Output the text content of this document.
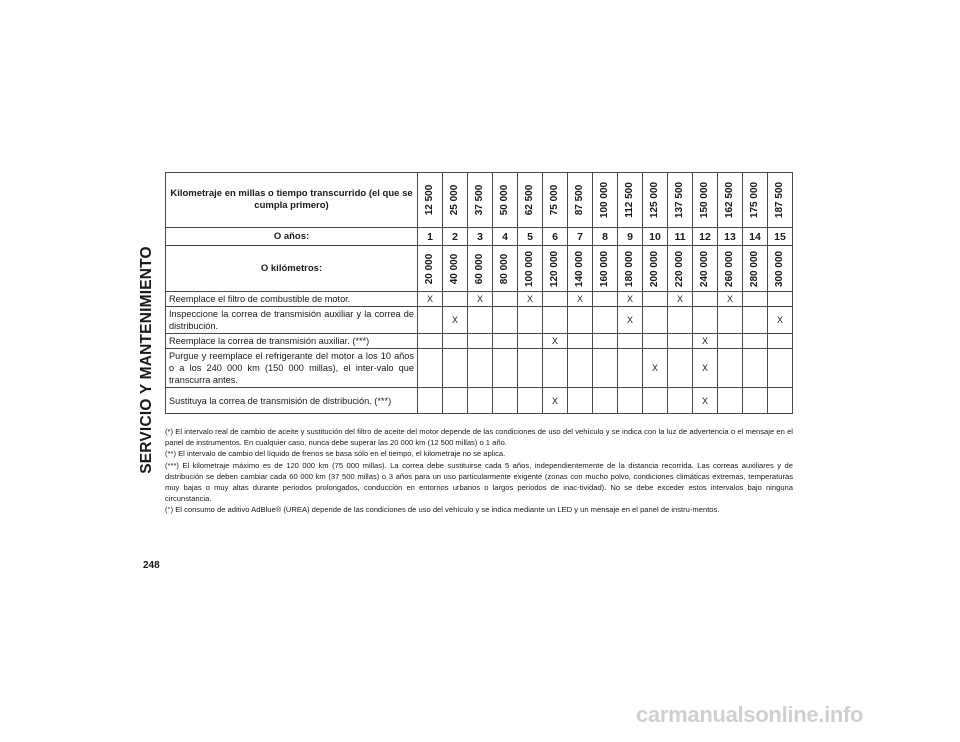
SERVICIO Y MANTENIMIENTO
Kilometraje en millas o tiempo transcurrido (el que se cumpla primero)	12 500	25 000	37 500	50 000	62 500	75 000	87 500	100 000	112 500	125 000	137 500	150 000	162 500	175 000	187 500

O años:	1	2	3	4	5	6	7	8	9	10	11	12	13	14	15
O kilómetros:	20 000	40 000	60 000	80 000	100 000	120 000	140 000	160 000	180 000	200 000	220 000	240 000	260 000	280 000	300 000

Reemplace el filtro de combustible de motor.	X		X		X		X		X		X		X		
Inspeccione la correa de transmisión auxiliar y la correa de distribución.		X							X						X
Reemplace la correa de transmisión auxiliar. (***)						X						X			
Purgue y reemplace el refrigerante del motor a los 10 años o a los 240 000 km (150 000 millas), el inter-valo que transcurra antes.										X		X			
Sustituya la correa de transmisión de distribución. (***)						X						X			

(*) El intervalo real de cambio de aceite y sustitución del filtro de aceite del motor depende de las condiciones de uso del vehículo y se indica con la luz de advertencia o el mensaje en el panel de instrumentos. En cualquier caso, nunca debe superar las 20 000 km (12 500 millas) o 1 año.

(**) El intervalo de cambio del líquido de frenos se basa sólo en el tiempo, el kilometraje no se aplica.

(***) El kilometraje máximo es de 120 000 km (75 000 millas). La correa debe sustituirse cada 5 años, independientemente de la distancia recorrida. Las correas auxiliares y de distribución se deben cambiar cada 60 000 km (37 500 millas) o 3 años para un uso particularmente exigente (zonas con mucho polvo, condiciones climáticas extremas, temperaturas muy bajas o muy altas durante periodos prolongados, conducción en entornos urbanos o largos periodos de inac-tividad). No se debe exceder estos intervalos bajo ninguna circunstancia.

(°) El consumo de aditivo AdBlue® (UREA) depende de las condiciones de uso del vehículo y se indica mediante un LED y un mensaje en el panel de instru-mentos.

248
carmanualsonline.info
